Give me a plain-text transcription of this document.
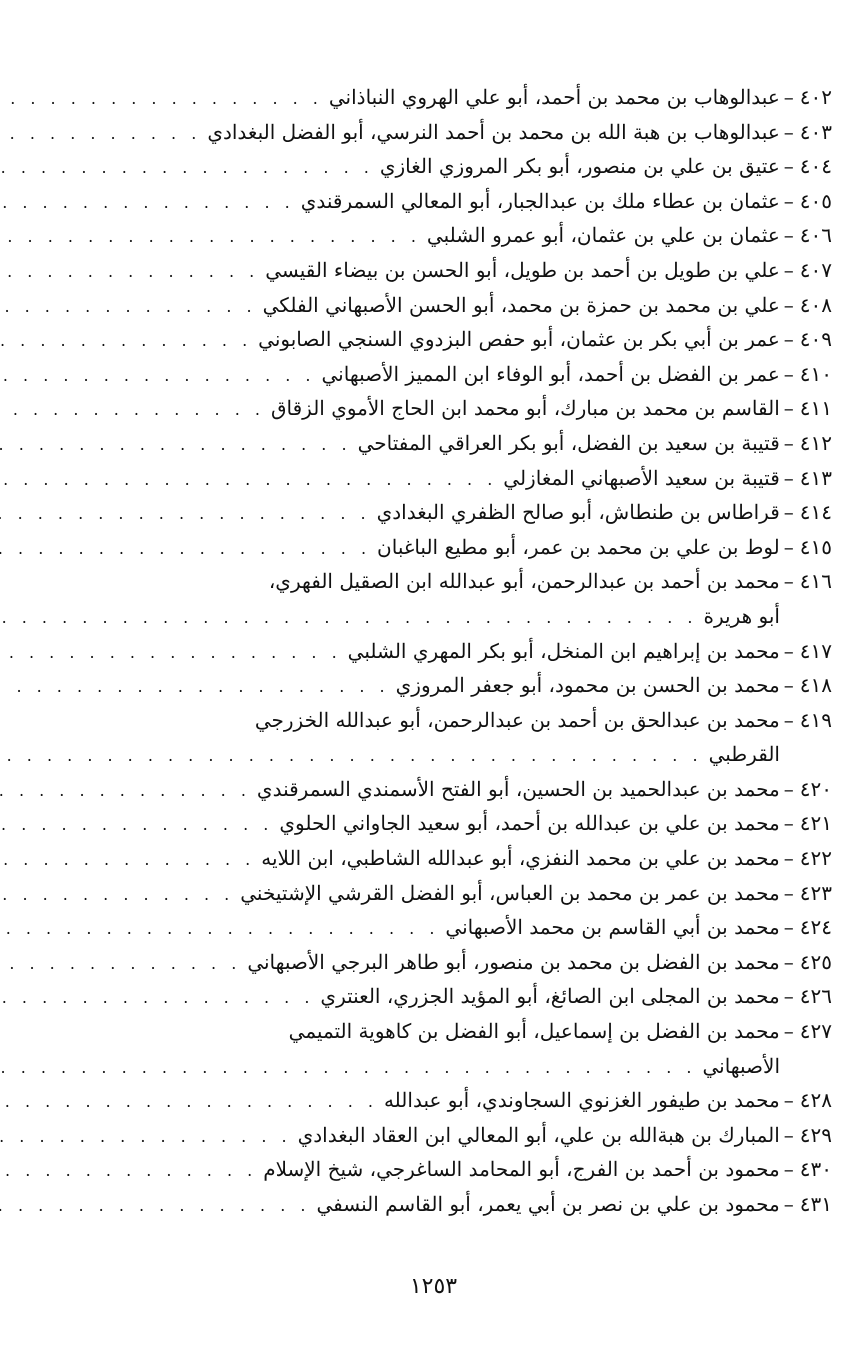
٤٠٢
–
عبدالوهاب بن محمد بن أحمد، أبو علي الهروي النباذاني
. . .
٤٠٣
–
عبدالوهاب بن هبة الله بن محمد بن أحمد النرسي، أبو الفضل البغدادي
. . .
٤٠٤
–
عتيق بن علي بن منصور، أبو بكر المروزي الغازي
. . .
٤٠٥
–
عثمان بن عطاء ملك بن عبدالجبار، أبو المعالي السمرقندي
. . .
٤٠٦
–
عثمان بن علي بن عثمان، أبو عمرو الشلبي
. . .
٤٠٧
–
علي بن طويل بن أحمد بن طويل، أبو الحسن بن بيضاء القيسي
. . .
٤٠٨
–
علي بن محمد بن حمزة بن محمد، أبو الحسن الأصبهاني الفلكي
. . .
٤٠٩
–
عمر بن أبي بكر بن عثمان، أبو حفص البزدوي السنجي الصابوني
. . .
٤١٠
–
عمر بن الفضل بن أحمد، أبو الوفاء ابن المميز الأصبهاني
. . .
٤١١
–
القاسم بن محمد بن مبارك، أبو محمد ابن الحاج الأموي الزقاق
. . .
٤١٢
–
قتيبة بن سعيد بن الفضل، أبو بكر العراقي المفتاحي
. . .
٤١٣
–
قتيبة بن سعيد الأصبهاني المغازلي
. . .
٤١٤
–
قراطاس بن طنطاش، أبو صالح الظفري البغدادي
. . .
٤١٥
–
لوط بن علي بن محمد بن عمر، أبو مطيع الباغبان
. . .
٤١٦
–
محمد بن أحمد بن عبدالرحمن، أبو عبدالله ابن الصقيل الفهري،
أبو هريرة
. . .
٤١٧
–
محمد بن إبراهيم ابن المنخل، أبو بكر المهري الشلبي
. . .
٤١٨
–
محمد بن الحسن بن محمود، أبو جعفر المروزي
. . .
٤١٩
–
محمد بن عبدالحق بن أحمد بن عبدالرحمن، أبو عبدالله الخزرجي
القرطبي
. . .
٤٢٠
–
محمد بن عبدالحميد بن الحسين، أبو الفتح الأسمندي السمرقندي
. . .
٤٢١
–
محمد بن علي بن عبدالله بن أحمد، أبو سعيد الجاواني الحلوي
. . .
٤٢٢
–
محمد بن علي بن محمد النفزي، أبو عبدالله الشاطبي، ابن اللايه
. . .
٤٢٣
–
محمد بن عمر بن محمد بن العباس، أبو الفضل القرشي الإشتيخني
. . .
٤٢٤
–
محمد بن أبي القاسم بن محمد الأصبهاني
. . .
٤٢٥
–
محمد بن الفضل بن محمد بن منصور، أبو طاهر البرجي الأصبهاني
. . .
٤٢٦
–
محمد بن المجلى ابن الصائغ، أبو المؤيد الجزري، العنتري
. . .
٤٢٧
–
محمد بن الفضل بن إسماعيل، أبو الفضل بن كاهوية التميمي
الأصبهاني
. . .
٤٢٨
–
محمد بن طيفور الغزنوي السجاوندي، أبو عبدالله
. . .
٤٢٩
–
المبارك بن هبةالله بن علي، أبو المعالي ابن العقاد البغدادي
. . .
٤٣٠
–
محمود بن أحمد بن الفرج، أبو المحامد الساغرجي، شيخ الإسلام
. . .
٤٣١
–
محمود بن علي بن نصر بن أبي يعمر، أبو القاسم النسفي
. . .
١٢٥٣
